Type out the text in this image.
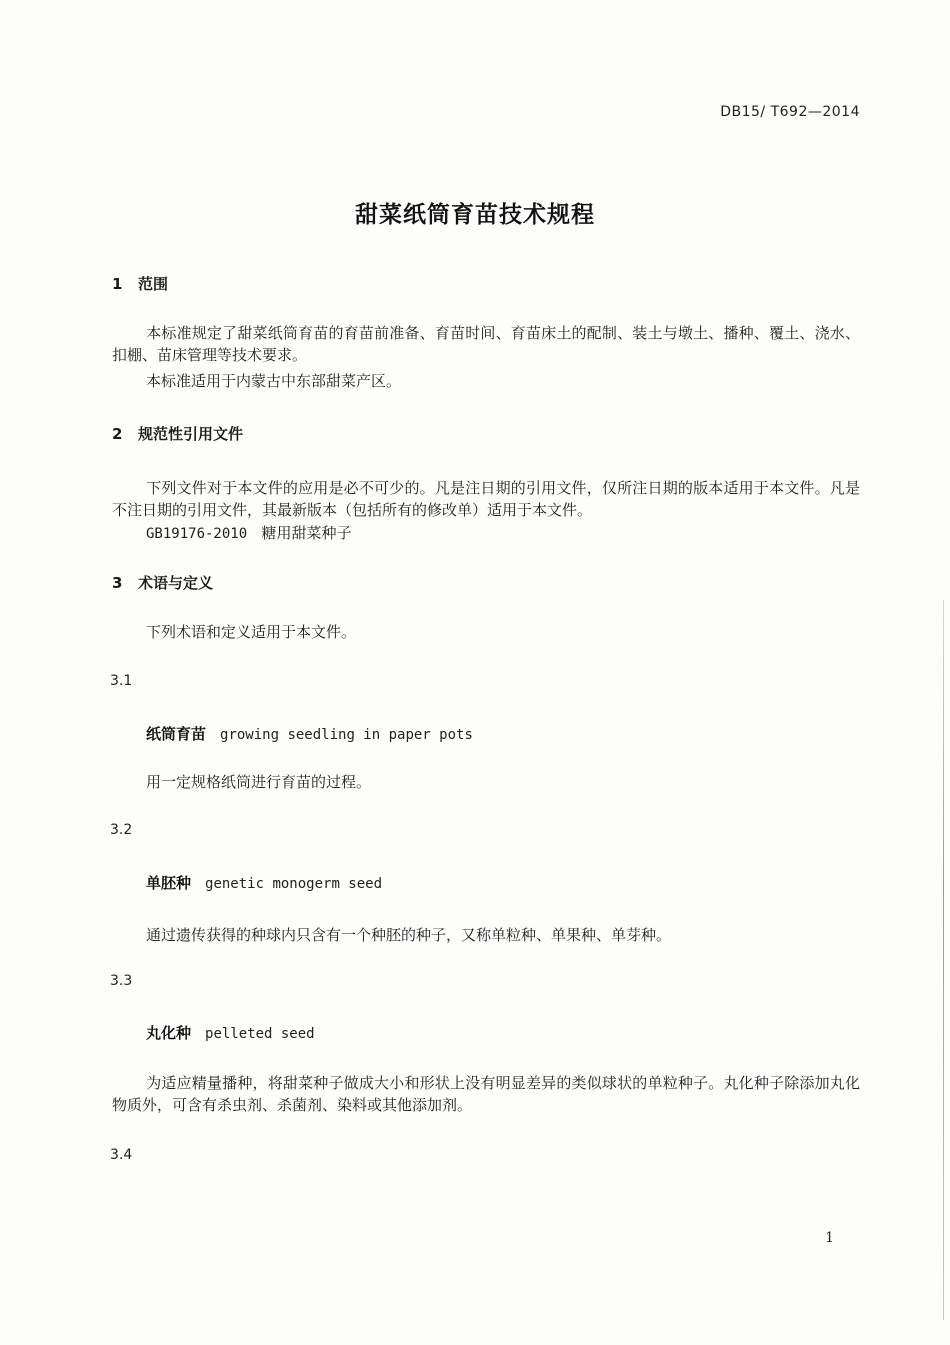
DB15/ T692—2014
甜菜纸筒育苗技术规程
1 范围
本标准规定了甜菜纸筒育苗的育苗前准备、育苗时间、育苗床土的配制、装土与墩土、播种、覆土、浇水、扣棚、苗床管理等技术要求。
本标准适用于内蒙古中东部甜菜产区。
2 规范性引用文件
下列文件对于本文件的应用是必不可少的。凡是注日期的引用文件，仅所注日期的版本适用于本文件。凡是不注日期的引用文件，其最新版本（包括所有的修改单）适用于本文件。
GB19176-2010 糖用甜菜种子
3 术语与定义
下列术语和定义适用于本文件。
3.1
纸筒育苗 growing seedling in paper pots
用一定规格纸筒进行育苗的过程。
3.2
单胚种 genetic monogerm seed
通过遗传获得的种球内只含有一个种胚的种子，又称单粒种、单果种、单芽种。
3.3
丸化种 pelleted seed
为适应精量播种，将甜菜种子做成大小和形状上没有明显差异的类似球状的单粒种子。丸化种子除添加丸化物质外，可含有杀虫剂、杀菌剂、染料或其他添加剂。
3.4
1
